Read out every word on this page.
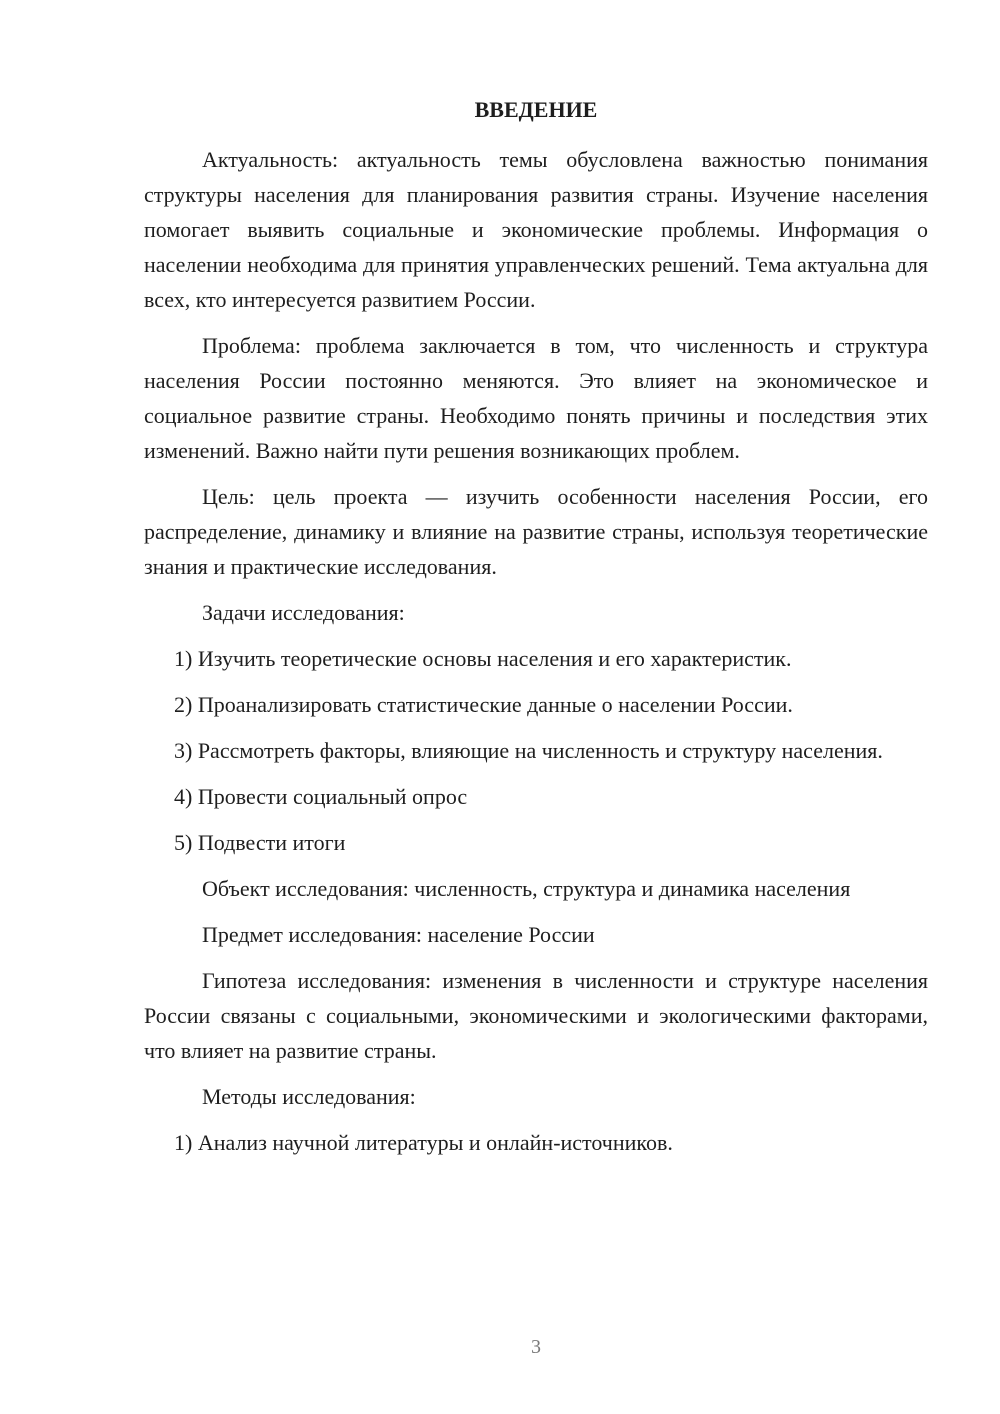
ВВЕДЕНИЕ

Актуальность: актуальность темы обусловлена важностью понимания структуры населения для планирования развития страны. Изучение населения помогает выявить социальные и экономические проблемы. Информация о населении необходима для принятия управленческих решений. Тема актуальна для всех, кто интересуется развитием России.

Проблема: проблема заключается в том, что численность и структура населения России постоянно меняются. Это влияет на экономическое и социальное развитие страны. Необходимо понять причины и последствия этих изменений. Важно найти пути решения возникающих проблем.

Цель: цель проекта — изучить особенности населения России, его распределение, динамику и влияние на развитие страны, используя теоретические знания и практические исследования.

Задачи исследования:

1) Изучить теоретические основы населения и его характеристик.

2) Проанализировать статистические данные о населении России.

3) Рассмотреть факторы, влияющие на численность и структуру населения.

4) Провести социальный опрос

5) Подвести итоги

Объект исследования: численность, структура и динамика населения

Предмет исследования: население России

Гипотеза исследования: изменения в численности и структуре населения России связаны с социальными, экономическими и экологическими факторами, что влияет на развитие страны.

Методы исследования:

1) Анализ научной литературы и онлайн-источников.

3
